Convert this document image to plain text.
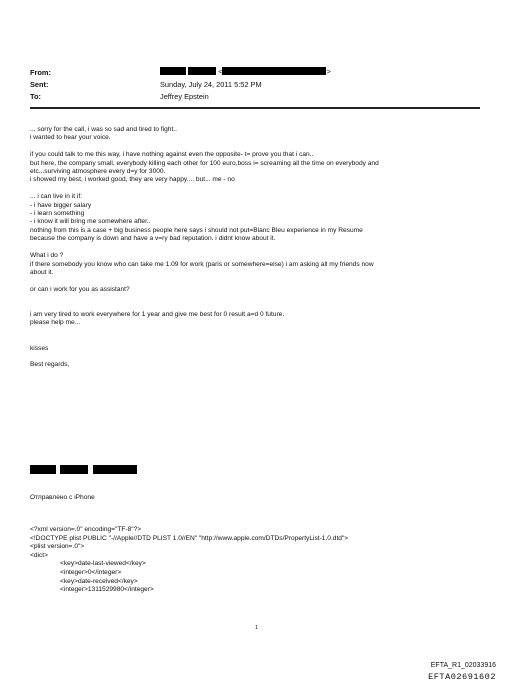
From:	<	>
Sent:	Sunday, July 24, 2011 5:52 PM
To:	Jeffrey Epstein

... sorry for the call, i was so sad and tired to fight..

i wanted to hear your voice.

if you could talk to me this way, i have nothing against even the opposite- t= prove you that i can..

but here, the company small, everybody killing each other for 100 euro,boss i= screaming all the time on everybody and

etc...surviving atmosphere every d=y for 3000.

i showed my best, i worked good, they are very happy.... but... me - no

... i can live in it if:

- i have bigger salary

- i learn something

- i know it will bring me somewhere after..

nothing from this is a case + big business people here says i should not put=Blanc Bleu experience in my Resume

because the company is down and have a v=ry bad reputation. i didnt know about it.

What i do ?

if there somebody you know who can take me 1.09 for work (paris or somewhere=else) i am asking all my friends now

about it.

or can i work for you as assistant?

i am very tired to work everywhere for 1 year and give me best for 0 result a=d 0 future.

please help me...

kisses

Best regards,

Отправлено с iPhone

<?xml version=.0" encoding="TF-8"?>

<!DOCTYPE plist PUBLIC "-//Apple//DTD PLIST 1.0//EN" "http://www.apple.com/DTDs/PropertyList-1.0.dtd">

<plist version=.0">

<dict>

<key>date-last-viewed</key>

<integer>0</integer>

<key>date-received</key>

<integer>1311529980</integer>

1
EFTA_R1_02033916
EFTA02691602
